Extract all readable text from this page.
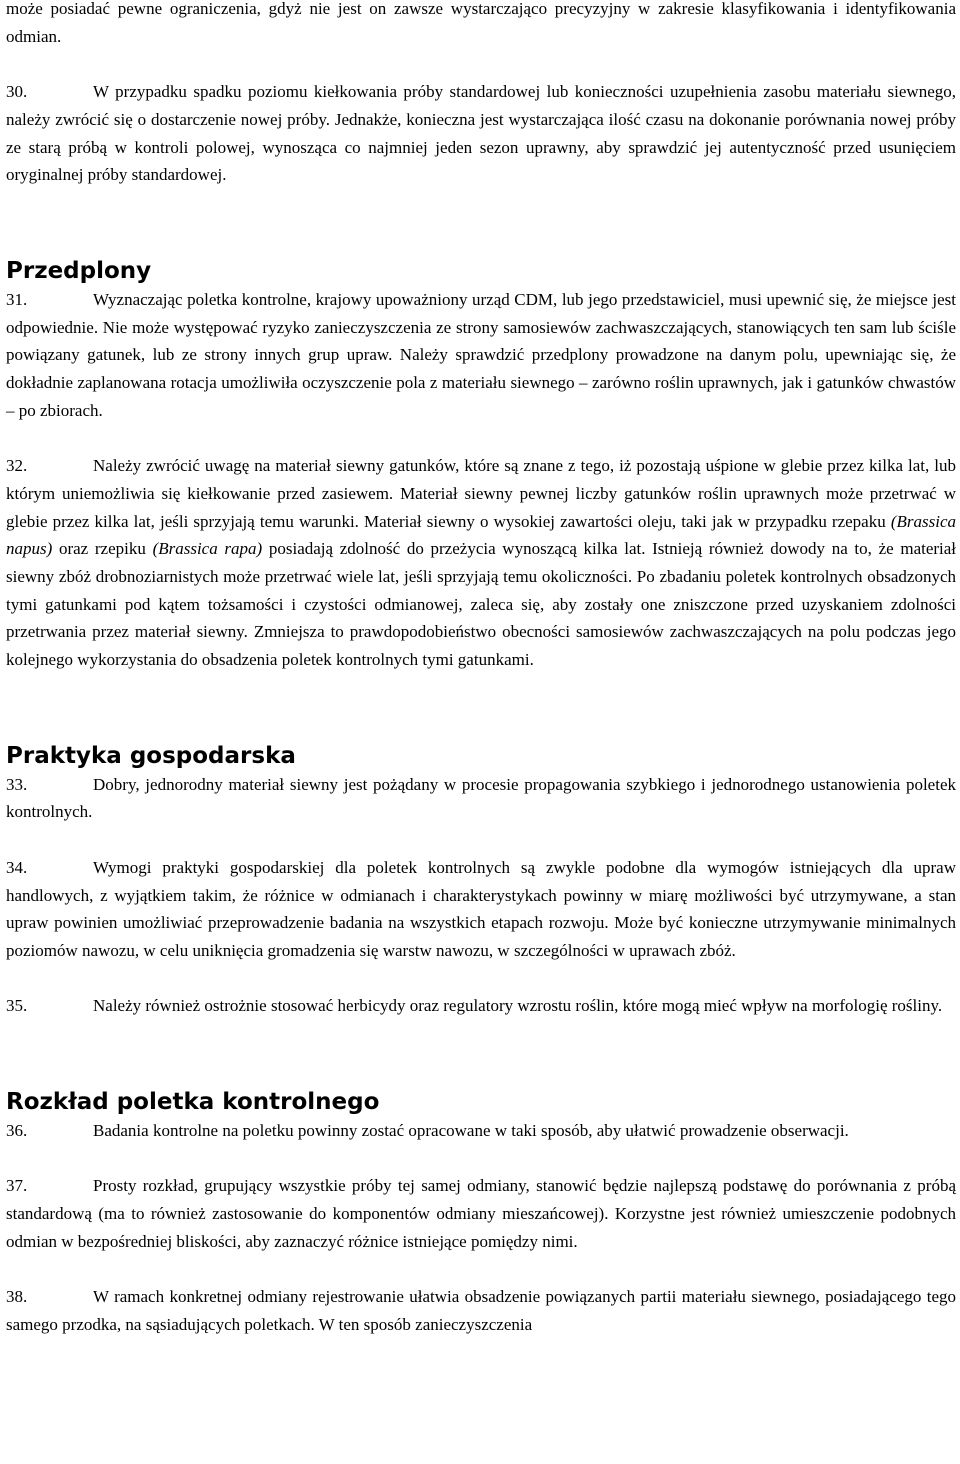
może posiadać pewne ograniczenia, gdyż nie jest on zawsze wystarczająco precyzyjny w zakresie klasyfikowania i identyfikowania odmian.

30.	W przypadku spadku poziomu kiełkowania próby standardowej lub konieczności uzupełnienia zasobu materiału siewnego, należy zwrócić się o dostarczenie nowej próby. Jednakże, konieczna jest wystarczająca ilość czasu na dokonanie porównania nowej próby ze starą próbą w kontroli polowej, wynosząca co najmniej jeden sezon uprawny, aby sprawdzić jej autentyczność przed usunięciem oryginalnej próby standardowej.

Przedplony

31.	Wyznaczając poletka kontrolne, krajowy upoważniony urząd CDM, lub jego przedstawiciel, musi upewnić się, że miejsce jest odpowiednie. Nie może występować ryzyko zanieczyszczenia ze strony samosiewów zachwaszczających, stanowiących ten sam lub ściśle powiązany gatunek, lub ze strony innych grup upraw. Należy sprawdzić przedplony prowadzone na danym polu, upewniając się, że dokładnie zaplanowana rotacja umożliwiła oczyszczenie pola z materiału siewnego – zarówno roślin uprawnych, jak i gatunków chwastów – po zbiorach.

32.	Należy zwrócić uwagę na materiał siewny gatunków, które są znane z tego, iż pozostają uśpione w glebie przez kilka lat, lub którym uniemożliwia się kiełkowanie przed zasiewem. Materiał siewny pewnej liczby gatunków roślin uprawnych może przetrwać w glebie przez kilka lat, jeśli sprzyjają temu warunki. Materiał siewny o wysokiej zawartości oleju, taki jak w przypadku rzepaku (Brassica napus) oraz rzepiku (Brassica rapa) posiadają zdolność do przeżycia wynoszącą kilka lat. Istnieją również dowody na to, że materiał siewny zbóż drobnoziarnistych może przetrwać wiele lat, jeśli sprzyjają temu okoliczności. Po zbadaniu poletek kontrolnych obsadzonych tymi gatunkami pod kątem tożsamości i czystości odmianowej, zaleca się, aby zostały one zniszczone przed uzyskaniem zdolności przetrwania przez materiał siewny. Zmniejsza to prawdopodobieństwo obecności samosiewów zachwaszczających na polu podczas jego kolejnego wykorzystania do obsadzenia poletek kontrolnych tymi gatunkami.

Praktyka gospodarska

33.	Dobry, jednorodny materiał siewny jest pożądany w procesie propagowania szybkiego i jednorodnego ustanowienia poletek kontrolnych.

34.	Wymogi praktyki gospodarskiej dla poletek kontrolnych są zwykle podobne dla wymogów istniejących dla upraw handlowych, z wyjątkiem takim, że różnice w odmianach i charakterystykach powinny w miarę możliwości być utrzymywane, a stan upraw powinien umożliwiać przeprowadzenie badania na wszystkich etapach rozwoju. Może być konieczne utrzymywanie minimalnych poziomów nawozu, w celu uniknięcia gromadzenia się warstw nawozu, w szczególności w uprawach zbóż.

35.	Należy również ostrożnie stosować herbicydy oraz regulatory wzrostu roślin, które mogą mieć wpływ na morfologię rośliny.

Rozkład poletka kontrolnego

36.	Badania kontrolne na poletku powinny zostać opracowane w taki sposób, aby ułatwić prowadzenie obserwacji.

37.	Prosty rozkład, grupujący wszystkie próby tej samej odmiany, stanowić będzie najlepszą podstawę do porównania z próbą standardową (ma to również zastosowanie do komponentów odmiany mieszańcowej). Korzystne jest również umieszczenie podobnych odmian w bezpośredniej bliskości, aby zaznaczyć różnice istniejące pomiędzy nimi.

38.	W ramach konkretnej odmiany rejestrowanie ułatwia obsadzenie powiązanych partii materiału siewnego, posiadającego tego samego przodka, na sąsiadujących poletkach. W ten sposób zanieczyszczenia
